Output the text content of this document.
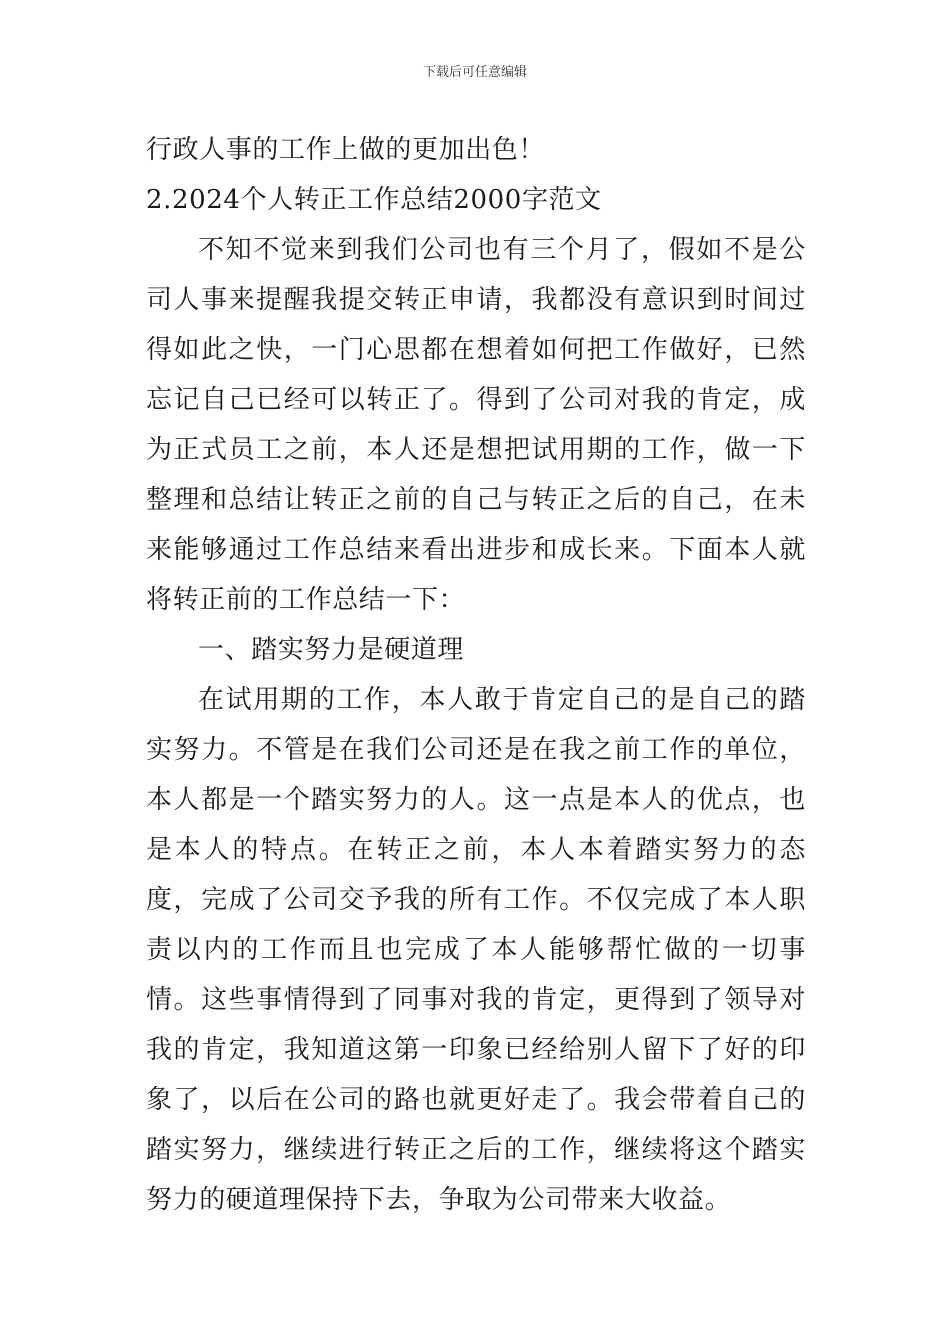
下载后可任意编辑

行政人事的工作上做的更加出色！

2.2024个人转正工作总结2000字范文

不知不觉来到我们公司也有三个月了，假如不是公司人事来提醒我提交转正申请，我都没有意识到时间过得如此之快，一门心思都在想着如何把工作做好，已然忘记自己已经可以转正了。得到了公司对我的肯定，成为正式员工之前，本人还是想把试用期的工作，做一下整理和总结让转正之前的自己与转正之后的自己，在未来能够通过工作总结来看出进步和成长来。下面本人就将转正前的工作总结一下：

一、踏实努力是硬道理

在试用期的工作，本人敢于肯定自己的是自己的踏实努力。不管是在我们公司还是在我之前工作的单位，本人都是一个踏实努力的人。这一点是本人的优点，也是本人的特点。在转正之前，本人本着踏实努力的态度，完成了公司交予我的所有工作。不仅完成了本人职责以内的工作而且也完成了本人能够帮忙做的一切事情。这些事情得到了同事对我的肯定，更得到了领导对我的肯定，我知道这第一印象已经给别人留下了好的印象了，以后在公司的路也就更好走了。我会带着自己的踏实努力，继续进行转正之后的工作，继续将这个踏实努力的硬道理保持下去，争取为公司带来大收益。
